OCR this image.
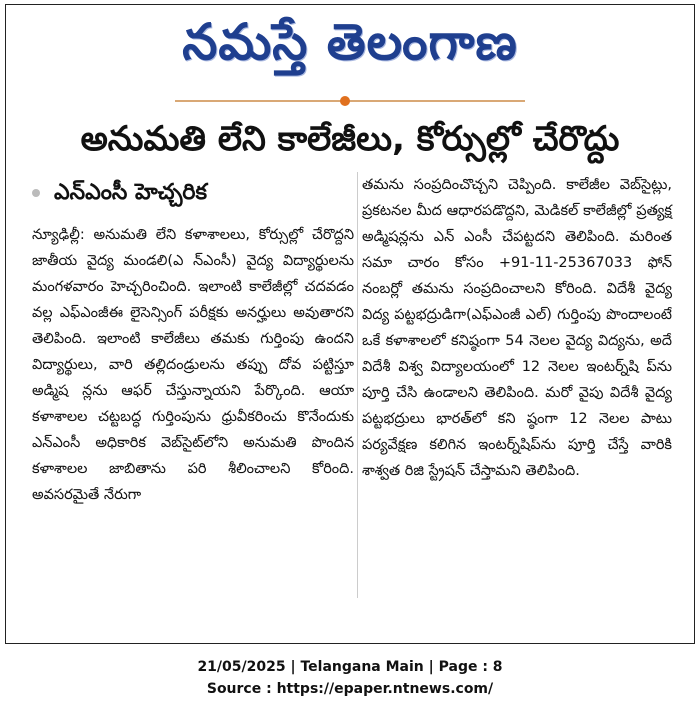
నమస్తే తెలంగాణ
అనుమతి లేని కాలేజీలు, కోర్సుల్లో చేరొద్దు
ఎన్ఎంసీ హెచ్చరిక
న్యూఢిల్లీ: అనుమతి లేని కళాశాలలు, కోర్సుల్లో చేరొద్దని జాతీయ వైద్య మండలి(ఎ న్ఎంసీ) వైద్య విద్యార్థులను మంగళవారం హెచ్చరించింది. ఇలాంటి కాలేజీల్లో చదవడం వల్ల ఎఫ్ఎంజీఈ లైసెన్సింగ్ పరీక్షకు అనర్హులు అవుతారని తెలిపింది. ఇలాంటి కాలేజీలు తమకు గుర్తింపు ఉందని విద్యార్థులు, వారి తల్లిదండ్రులను తప్పు దోవ పట్టిస్తూ అడ్మిష న్లను ఆఫర్ చేస్తున్నాయని పేర్కొంది. ఆయా కళాశాలల చట్టబద్ధ గుర్తింపును ధ్రువీకరించు కొనేందుకు ఎన్ఎంసీ అధికారిక వెబ్‌సైట్‌లోని అనుమతి పొందిన కళాశాలల జాబితాను పరి శీలించాలని కోరింది. అవసరమైతే నేరుగా
తమను సంప్రదించొచ్చని చెప్పింది. కాలేజీల వెబ్‌సైట్లు, ప్రకటనల మీద ఆధారపడొద్దని, మెడికల్ కాలేజీల్లో ప్రత్యక్ష అడ్మిషన్లను ఎన్ ఎంసీ చేపట్టదని తెలిపింది. మరింత సమా చారం కోసం +91-11-25367033 ఫోన్ నంబర్లో తమను సంప్రదించాలని కోరింది. విదేశీ వైద్య విద్య పట్టభద్రుడిగా(ఎఫ్ఎంజీ ఎల్) గుర్తింపు పొందాలంటే ఒకే కళాశాలలో కనిష్ఠంగా 54 నెలల వైద్య విద్యను, అదే విదేశీ విశ్వ విద్యాలయంలో 12 నెలల ఇంటర్న్‌షి ప్‌ను పూర్తి చేసి ఉండాలని తెలిపింది. మరో వైపు విదేశీ వైద్య పట్టభద్రులు భారత్‌లో కని ష్ఠంగా 12 నెలల పాటు పర్యవేక్షణ కలిగిన ఇంటర్న్‌షిప్‌ను పూర్తి చేస్తే వారికి శాశ్వత రిజి స్ట్రేషన్ చేస్తామని తెలిపింది.
21/05/2025 | Telangana Main | Page : 8
Source : https://epaper.ntnews.com/
